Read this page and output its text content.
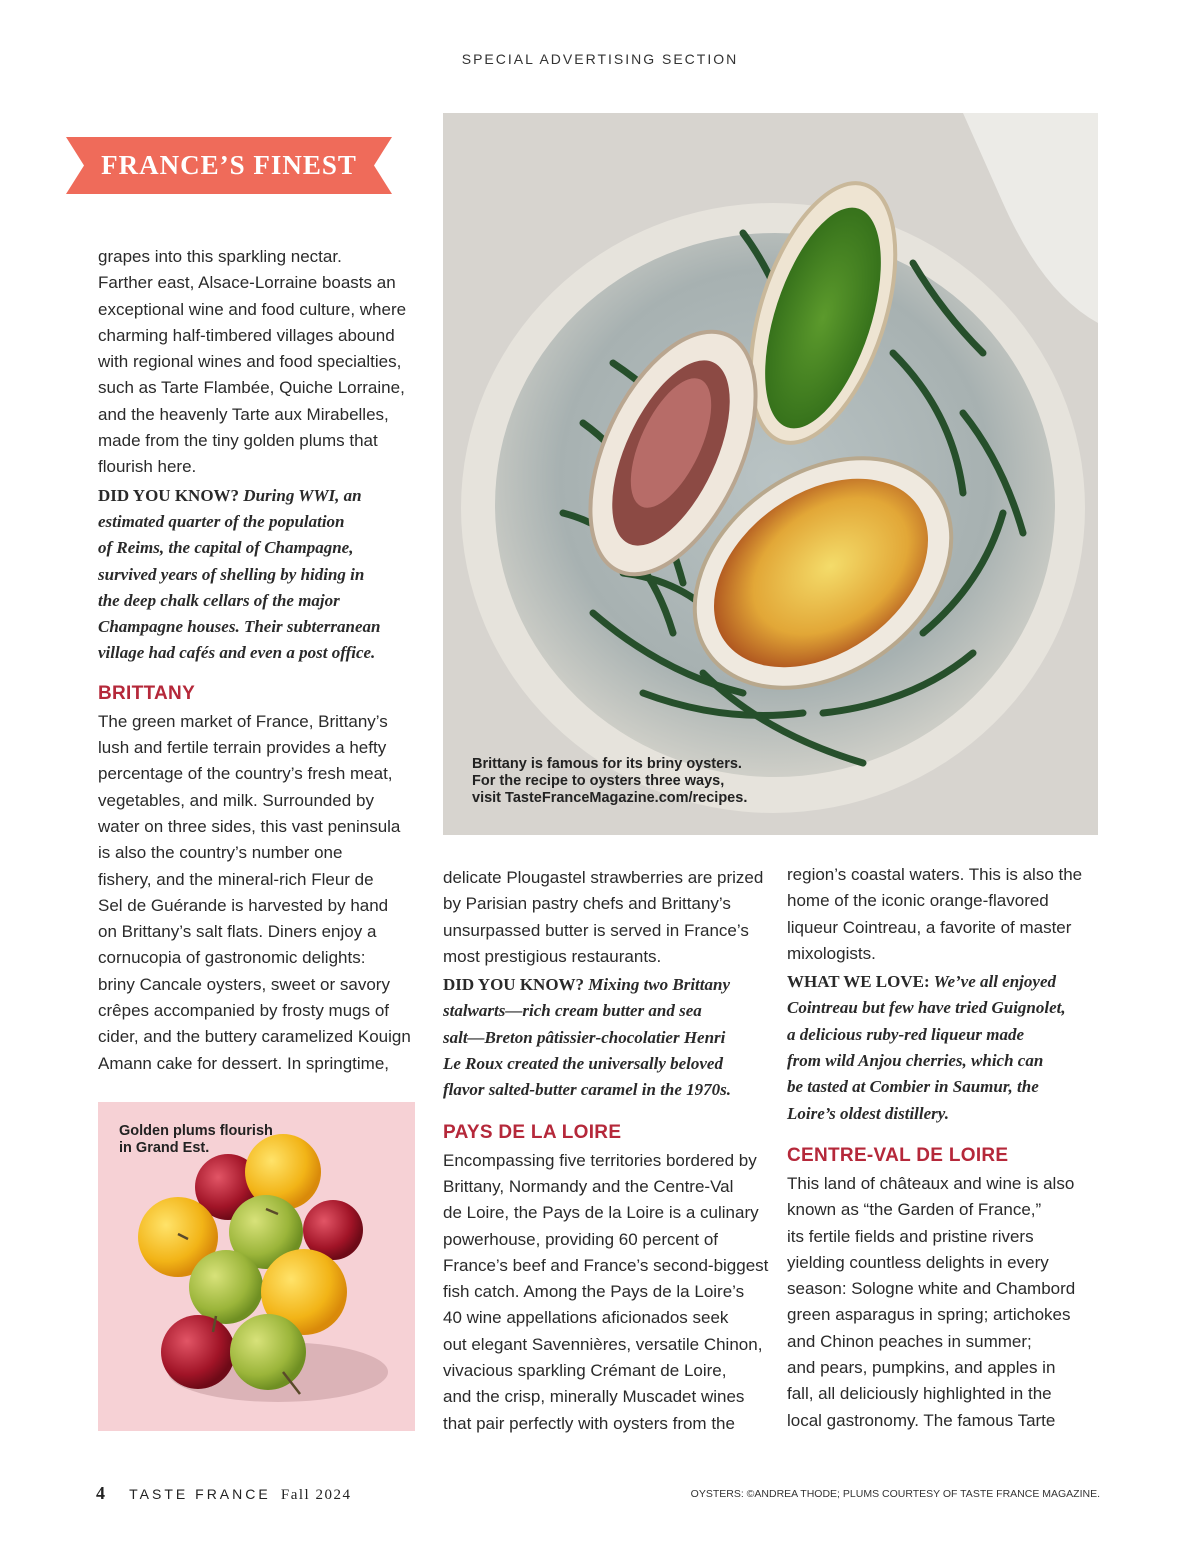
SPECIAL ADVERTISING SECTION
FRANCE’S FINEST

grapes into this sparkling nectar.

Farther east, Alsace-Lorraine boasts an

exceptional wine and food culture, where

charming half-timbered villages abound

with regional wines and food specialties,

such as Tarte Flambée, Quiche Lorraine,

and the heavenly Tarte aux Mirabelles,

made from the tiny golden plums that

flourish here.

DID YOU KNOW? During WWI, an
estimated quarter of the population
of Reims, the capital of Champagne,
survived years of shelling by hiding in
the deep chalk cellars of the major
Champagne houses. Their subterranean
village had cafés and even a post office.
BRITTANY

The green market of France, Brittany’s

lush and fertile terrain provides a hefty

percentage of the country’s fresh meat,

vegetables, and milk. Surrounded by

water on three sides, this vast peninsula

is also the country’s number one

fishery, and the mineral-rich Fleur de

Sel de Guérande is harvested by hand

on Brittany’s salt flats. Diners enjoy a

cornucopia of gastronomic delights:

briny Cancale oysters, sweet or savory

crêpes accompanied by frosty mugs of

cider, and the buttery caramelized Kouign

Amann cake for dessert. In springtime,

Brittany is famous for its briny oysters.
For the recipe to oysters three ways,
visit TasteFranceMagazine.com/recipes.
Golden plums flourish
in Grand Est.

delicate Plougastel strawberries are prized

by Parisian pastry chefs and Brittany’s

unsurpassed butter is served in France’s

most prestigious restaurants.

DID YOU KNOW? Mixing two Brittany
stalwarts—rich cream butter and sea
salt—Breton pâtissier-chocolatier Henri
Le Roux created the universally beloved
flavor salted-butter caramel in the 1970s.
PAYS DE LA LOIRE

Encompassing five territories bordered by

Brittany, Normandy and the Centre-Val

de Loire, the Pays de la Loire is a culinary

powerhouse, providing 60 percent of

France’s beef and France’s second-biggest

fish catch. Among the Pays de la Loire’s

40 wine appellations aficionados seek

out elegant Savennières, versatile Chinon,

vivacious sparkling Crémant de Loire,

and the crisp, minerally Muscadet wines

that pair perfectly with oysters from the

region’s coastal waters. This is also the

home of the iconic orange-flavored

liqueur Cointreau, a favorite of master

mixologists.

WHAT WE LOVE: We’ve all enjoyed
Cointreau but few have tried Guignolet,
a delicious ruby-red liqueur made
from wild Anjou cherries, which can
be tasted at Combier in Saumur, the
Loire’s oldest distillery.
CENTRE-VAL DE LOIRE

This land of châteaux and wine is also

known as “the Garden of France,”

its fertile fields and pristine rivers

yielding countless delights in every

season: Sologne white and Chambord

green asparagus in spring; artichokes

and Chinon peaches in summer;

and pears, pumpkins, and apples in

fall, all deliciously highlighted in the

local gastronomy. The famous Tarte

4 TASTE FRANCE Fall 2024	OYSTERS: ©ANDREA THODE; PLUMS COURTESY OF TASTE FRANCE MAGAZINE.
